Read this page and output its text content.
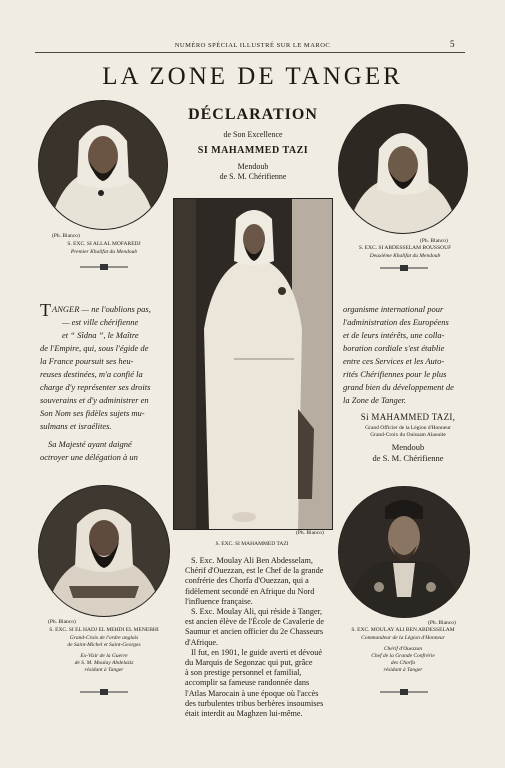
NUMÉRO SPÉCIAL ILLUSTRÉ SUR LE MAROC	5
LA ZONE DE TANGER
DÉCLARATION
de Son Excellence
SI MAHAMMED TAZI
Mendoub
de S. M. Chérifienne
(Ph. Blanco)
S. EXC. SI ALLAL MOFAREDJ
Premier Khalifat du Mendoub
(Ph. Blanco)
S. EXC. SI ABDESSELAM BOUSSOUF
Deuxième Khalifat du Mendoub
(Ph. Blanco)
S. EXC. SI MAHAMMED TAZI
TANGER — ne l'oublions pas,
— est ville chérifienne
et “ Sîdna ”, le Maître
de l'Empire, qui, sous l'égide de
la France poursuit ses heu-
reuses destinées, m'a confié la
charge d'y représenter ses droits
souverains et d'y administrer en
Son Nom ses fidèles sujets mu-
sulmans et israélites.
Sa Majesté ayant daigné
octroyer une délégation à un
organisme international pour
l'administration des Européens
et de leurs intérêts, une colla-
boration cordiale s'est établie
entre ces Services et les Auto-
rités Chérifiennes pour le plus
grand bien du développement de
la Zone de Tanger.
Si MAHAMMED TAZI,
Grand Officier de la Légion d'Honneur
Grand-Croix du Ouissam Alaouite
Mendoub
de S. M. Chérifienne
(Ph. Blanco)
S. EXC. SI EL HADJ EL MEHDI EL MENEBHI
Grand-Croix de l'ordre anglais
de Saint-Michel et Saint-Georges
Ex-Vizir de la Guerre
de S. M. Moulay Abdelaziz
résidant à Tanger
(Ph. Blanco)
S. EXC. MOULAY ALI BEN ABDESSELAM
Commandeur de la Légion d'Honneur
Chérif d'Ouezzan
Chef de la Grande Confrérie
des Chorfa
résidant à Tanger
S. Exc. Moulay Ali Ben Abdesselam,
Chérif d'Ouezzan, est le Chef de la grande
confrérie des Chorfa d'Ouezzan, qui a
fidèlement secondé en Afrique du Nord
l'influence française.
S. Exc. Moulay Ali, qui réside à Tanger,
est ancien élève de l'École de Cavalerie de
Saumur et ancien officier du 2e Chasseurs
d'Afrique.
Il fut, en 1901, le guide averti et dévoué
du Marquis de Segonzac qui put, grâce
à son prestige personnel et familial,
accomplir sa fameuse randonnée dans
l'Atlas Marocain à une époque où l'accès
des turbulentes tribus berbères insoumises
était interdit au Maghzen lui-même.
